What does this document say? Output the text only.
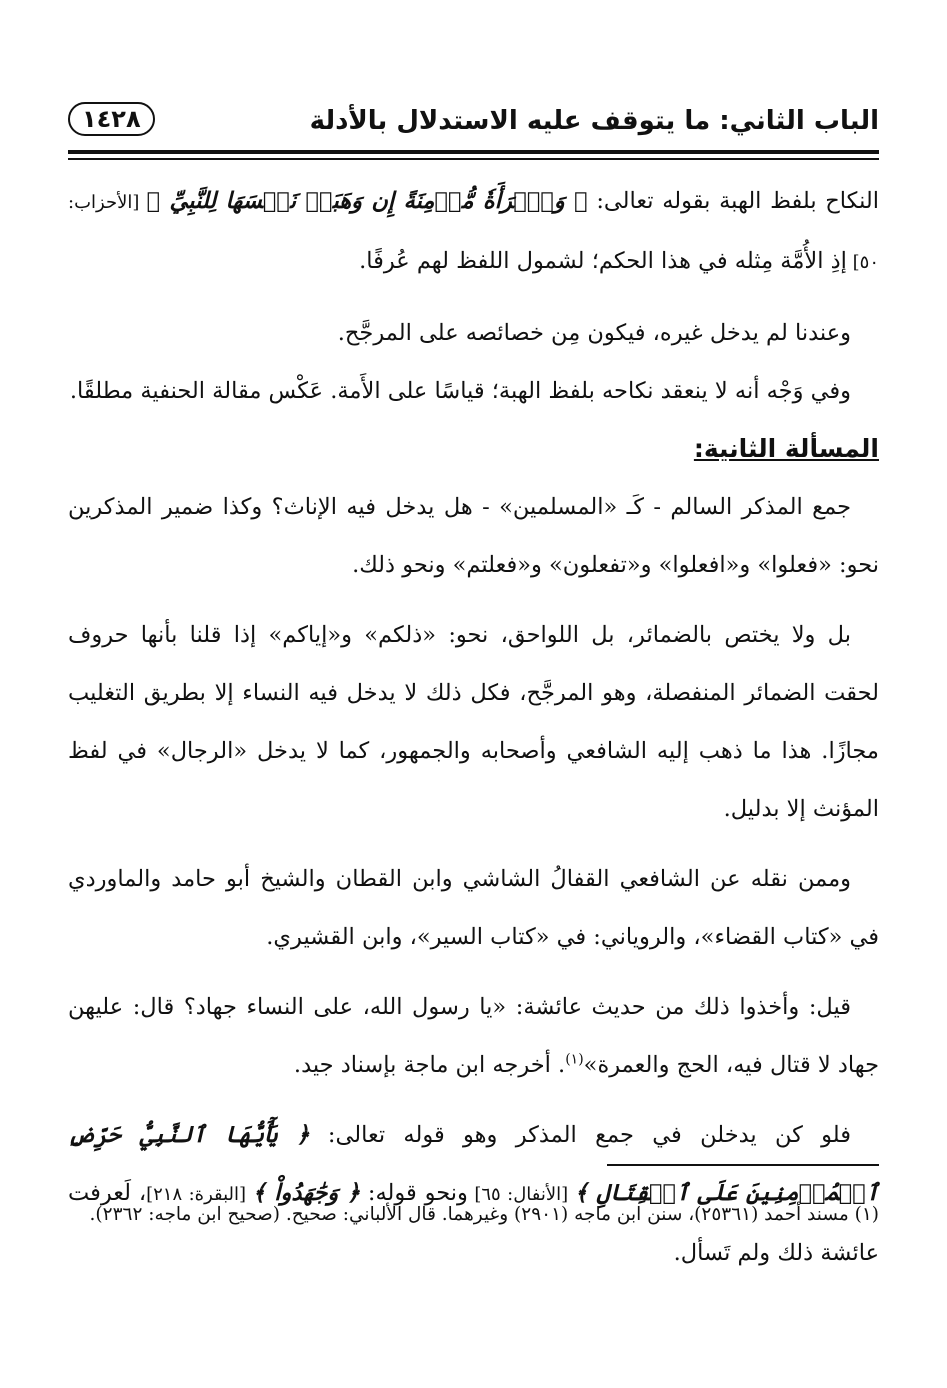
الباب الثاني: ما يتوقف عليه الاستدلال بالأدلة
١٤٢٨

النكاح بلفظ الهبة بقوله تعالى: ﴿ وَٱمۡرَأَةٗ مُّؤۡمِنَةً إِن وَهَبَتۡ نَفۡسَهَا لِلنَّبِيِّ ﴾ [الأحزاب: ٥٠] إذِ الأُمَّة مِثله في هذا الحكم؛ لشمول اللفظ لهم عُرفًا.

وعندنا لم يدخل غيره، فيكون مِن خصائصه على المرجَّح.

وفي وَجْه أنه لا ينعقد نكاحه بلفظ الهبة؛ قياسًا على الأَمة. عَكْس مقالة الحنفية مطلقًا.

المسألة الثانية:

جمع المذكر السالم - كَـ «المسلمين» - هل يدخل فيه الإناث؟ وكذا ضمير المذكرين نحو: «فعلوا» و«افعلوا» و«تفعلون» و«فعلتم» ونحو ذلك.

بل ولا يختص بالضمائر، بل اللواحق، نحو: «ذلكم» و«إياكم» إذا قلنا بأنها حروف لحقت الضمائر المنفصلة، وهو المرجَّح، فكل ذلك لا يدخل فيه النساء إلا بطريق التغليب مجازًا. هذا ما ذهب إليه الشافعي وأصحابه والجمهور، كما لا يدخل «الرجال» في لفظ المؤنث إلا بدليل.

وممن نقله عن الشافعي القفالُ الشاشي وابن القطان والشيخ أبو حامد والماوردي في «كتاب القضاء»، والروياني: في «كتاب السير»، وابن القشيري.

قيل: وأخذوا ذلك من حديث عائشة: «يا رسول الله، على النساء جهاد؟ قال: عليهن جهاد لا قتال فيه، الحج والعمرة»$^{(١)}$. أخرجه ابن ماجة بإسناد جيد.

فلو كن يدخلن في جمع المذكر وهو قوله تعالى: ﴿ يَٰٓأَيُّهَا ٱلنَّبِيُّ حَرِّضِ ٱلۡمُؤۡمِنِينَ عَلَى ٱلۡقِتَالِ ﴾ [الأنفال: ٦٥] ونحو قوله: ﴿ وَجَٰهَدُواْ ﴾ [البقرة: ٢١٨]، لَعرفت عائشة ذلك ولم تَسأل.

(١) مسند أحمد (٢٥٣٦١)، سنن ابن ماجه (٢٩٠١) وغيرهما. قال الألباني: صحيح. (صحيح ابن ماجه: ٢٣٦٢).
